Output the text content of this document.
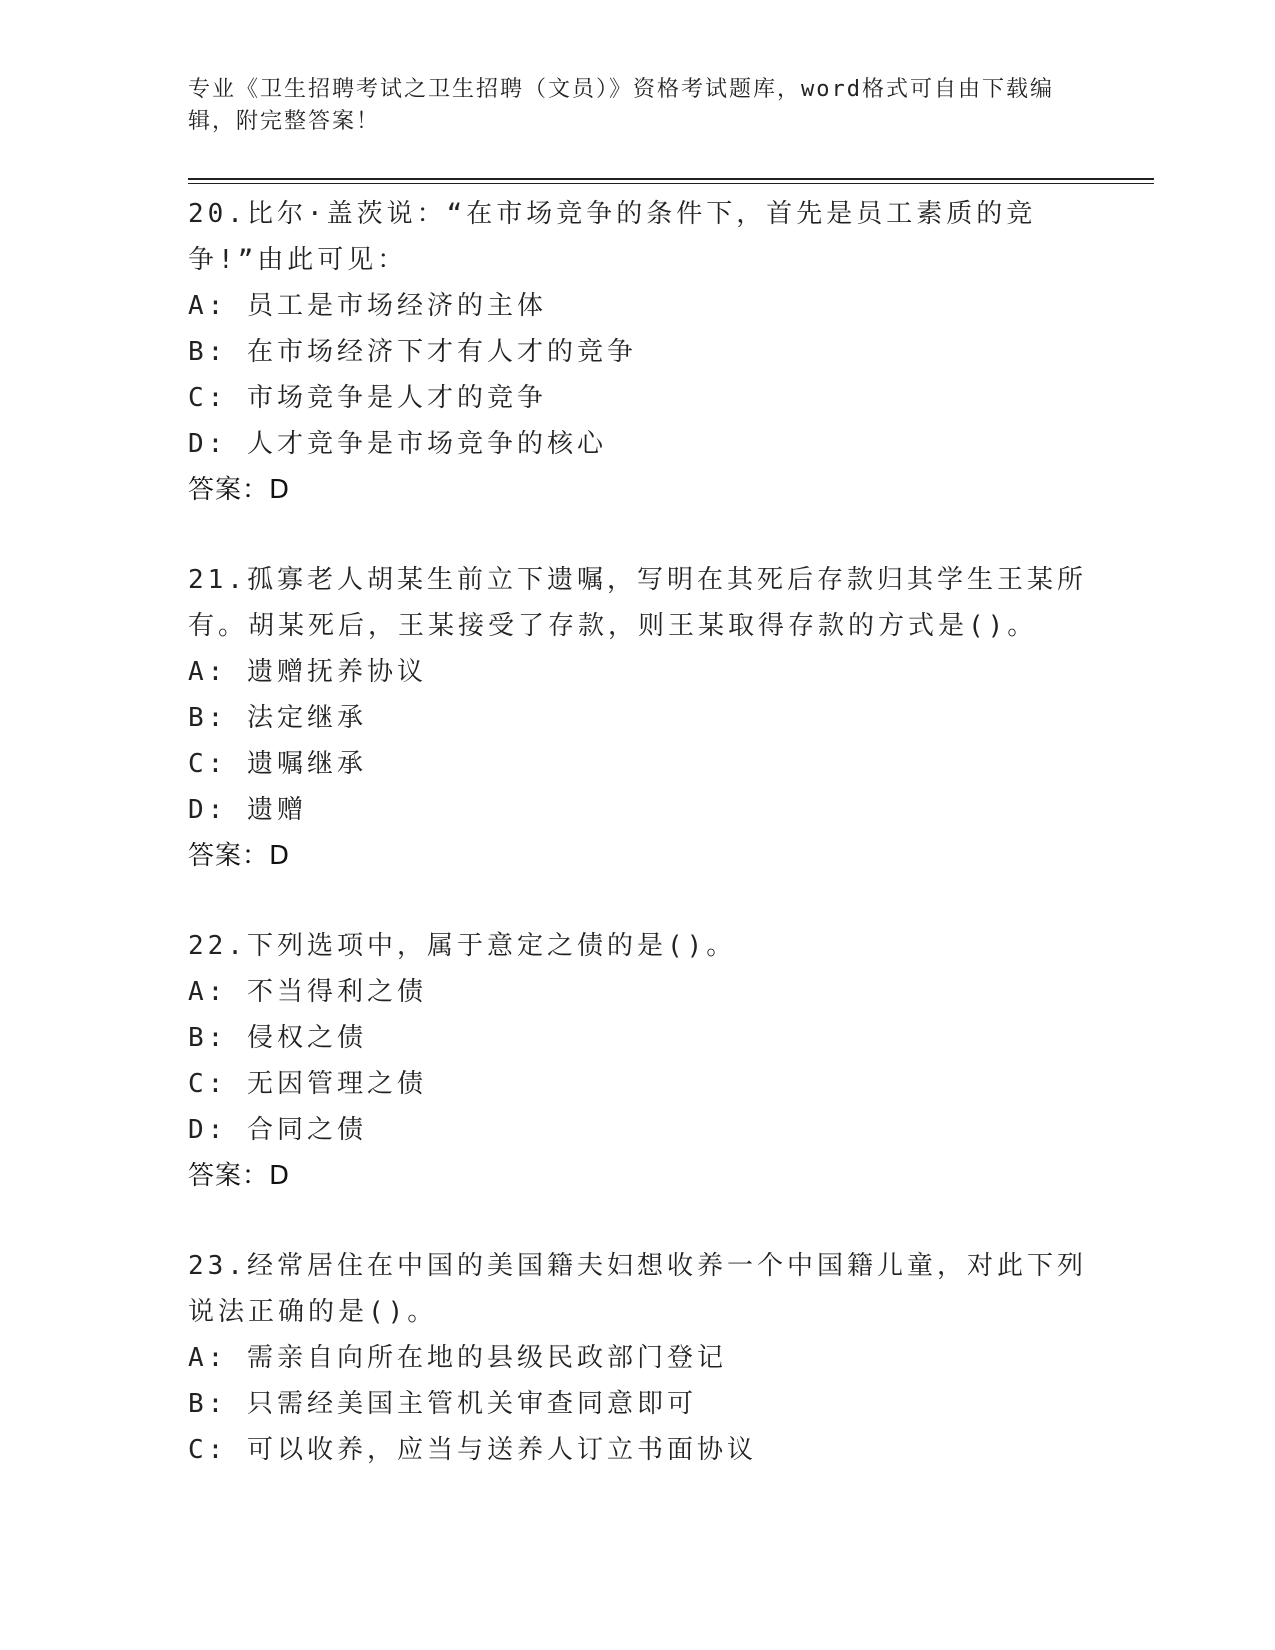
专业《卫生招聘考试之卫生招聘（文员）》资格考试题库，word格式可自由下载编辑，附完整答案！

20.比尔·盖茨说：“在市场竞争的条件下，首先是员工素质的竞争!”由此可见：

A: 员工是市场经济的主体
B: 在市场经济下才有人才的竞争
C: 市场竞争是人才的竞争
D: 人才竞争是市场竞争的核心
答案：D

21.孤寡老人胡某生前立下遗嘱，写明在其死后存款归其学生王某所有。胡某死后，王某接受了存款，则王某取得存款的方式是()。

A: 遗赠抚养协议
B: 法定继承
C: 遗嘱继承
D: 遗赠
答案：D

22.下列选项中，属于意定之债的是()。

A: 不当得利之债
B: 侵权之债
C: 无因管理之债
D: 合同之债
答案：D

23.经常居住在中国的美国籍夫妇想收养一个中国籍儿童，对此下列说法正确的是()。

A: 需亲自向所在地的县级民政部门登记
B: 只需经美国主管机关审查同意即可
C: 可以收养，应当与送养人订立书面协议
